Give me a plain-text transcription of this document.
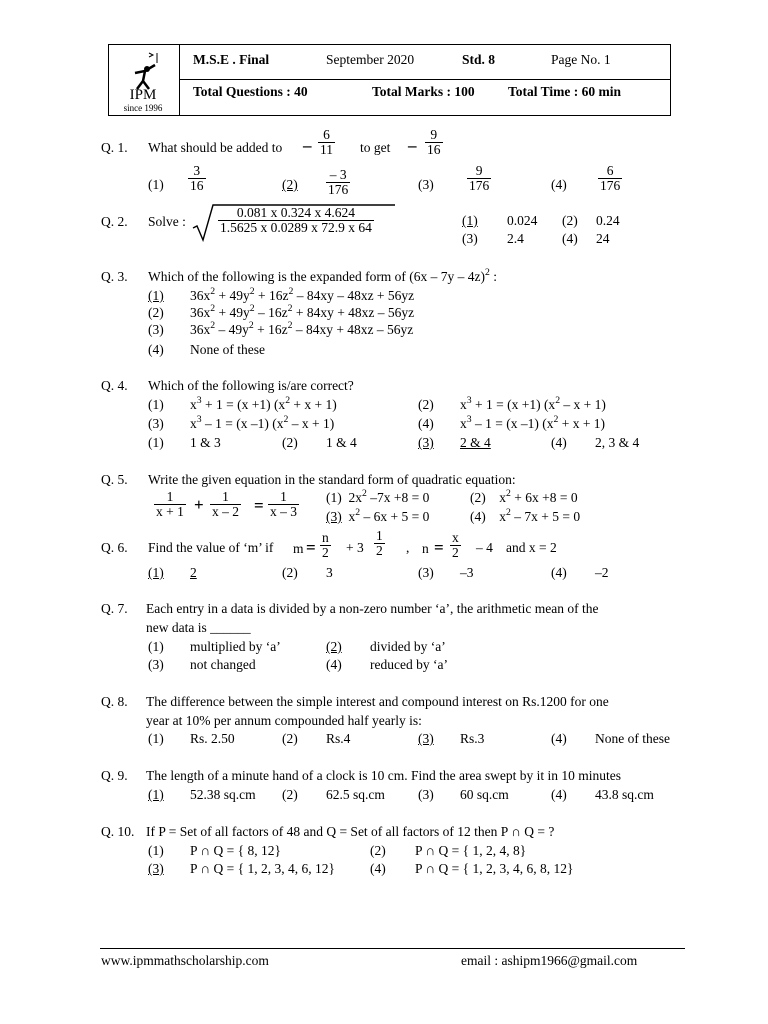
IPM
since 1996
M.S.E . Final	September 2020	Std. 8	Page No. 1
Total Questions : 40	Total Marks : 100 Total Time : 60 min
Q. 1. What should be added to – $\frac{6}{11}$ to get – $\frac{9}{16}$
$(1) \frac{3}{16}$	$(2) \frac{- 3}{176}$	$(3) \frac{9}{176}$	$(4) \frac{6}{176}$
Q. 2. Solve : $\frac{0.081 x 0.324 x 4.624}{1.5625 x 0.0289 x 72.9 x 64}$	(1) 0.024 (2) 0.24
(3) 2.4	(4) 24
Q. 3. Which of the following is the expanded form of (6x – 7y – 4z)$^2$ :
(1) $36x^2 + 49y^2 + 16z^2 - 84xy - 48xz + 56yz$
(2) $36x^2 + 49y^2 - 16z^2 + 84xy + 48xz - 56yz$
(3) $36x^2 - 49y^2 + 16z^2 - 84xy + 48xz - 56yz$
(4) None of these
Q. 4. Which of the following is/are correct?
(1) $x^3 + 1 = (x +1) (x^2 + x + 1)$	(2) $x^3 + 1 = (x +1)$ $(x^2 - x + 1)$
(3) $x^3 - 1 = (x$ –1) $(x^2 - x + 1)$	(4) $x^3 - 1 = (x$ –1) $(x^2 + x + 1)$
(1) 1 & 3	(2) 1 & 4	(3) 2 & 4	(4) 2, 3 & 4
Q. 5. Write the given equation in the standard form of quadratic equation:
$\frac{1}{x + 1} + \frac{1}{x - 2} = \frac{1}{x - 3} (1)$  $2x^2$ –7x +8 = 0	(2)    $x^2 + 6x +8 = 0$
(3)  $x^2 - 6x + 5 = 0$	(4)    $x^2 - 7x + 5 = 0$
Q. 6. Find the value of ‘m’ if $m = \frac{n}{2} + 3 \frac{1}{2}$ , $n = \frac{x}{2} - 4$ and x = 2
(1) 2	(2) 3	(3) –3	(4) –2
Q. 7. Each entry in a data is divided by a non-zero number ‘a’, the arithmetic mean of the
new data is ______
(1) multiplied by ‘a’	(2) divided by ‘a’
(3) not changed	(4) reduced by ‘a’
Q. 8. The difference between the simple interest and compound interest on Rs.1200 for one
year at 10% per annum compounded half yearly is:
(1) Rs. 2.50	(2) Rs.4	(3) Rs.3	(4) None of these
Q. 9. The length of a minute hand of a clock is 10 cm. Find the area swept by it in 10 minutes
(1) 52.38 sq.cm (2) 62.5 sq.cm (3) 60 sq.cm	(4) 43.8 sq.cm
Q. 10. If P = Set of all factors of 48 and Q = Set of all factors of 12 then P ∩ Q = ?
(1) P ∩ Q = { 8, 12}	(2) P ∩ Q = { 1, 2, 4, 8}
(3) P ∩ Q = { 1, 2, 3, 4, 6, 12}	(4) P ∩ Q = { 1, 2, 3, 4, 6, 8, 12}
www.ipmmathscholarship.com	email : ashipm1966@gmail.com
